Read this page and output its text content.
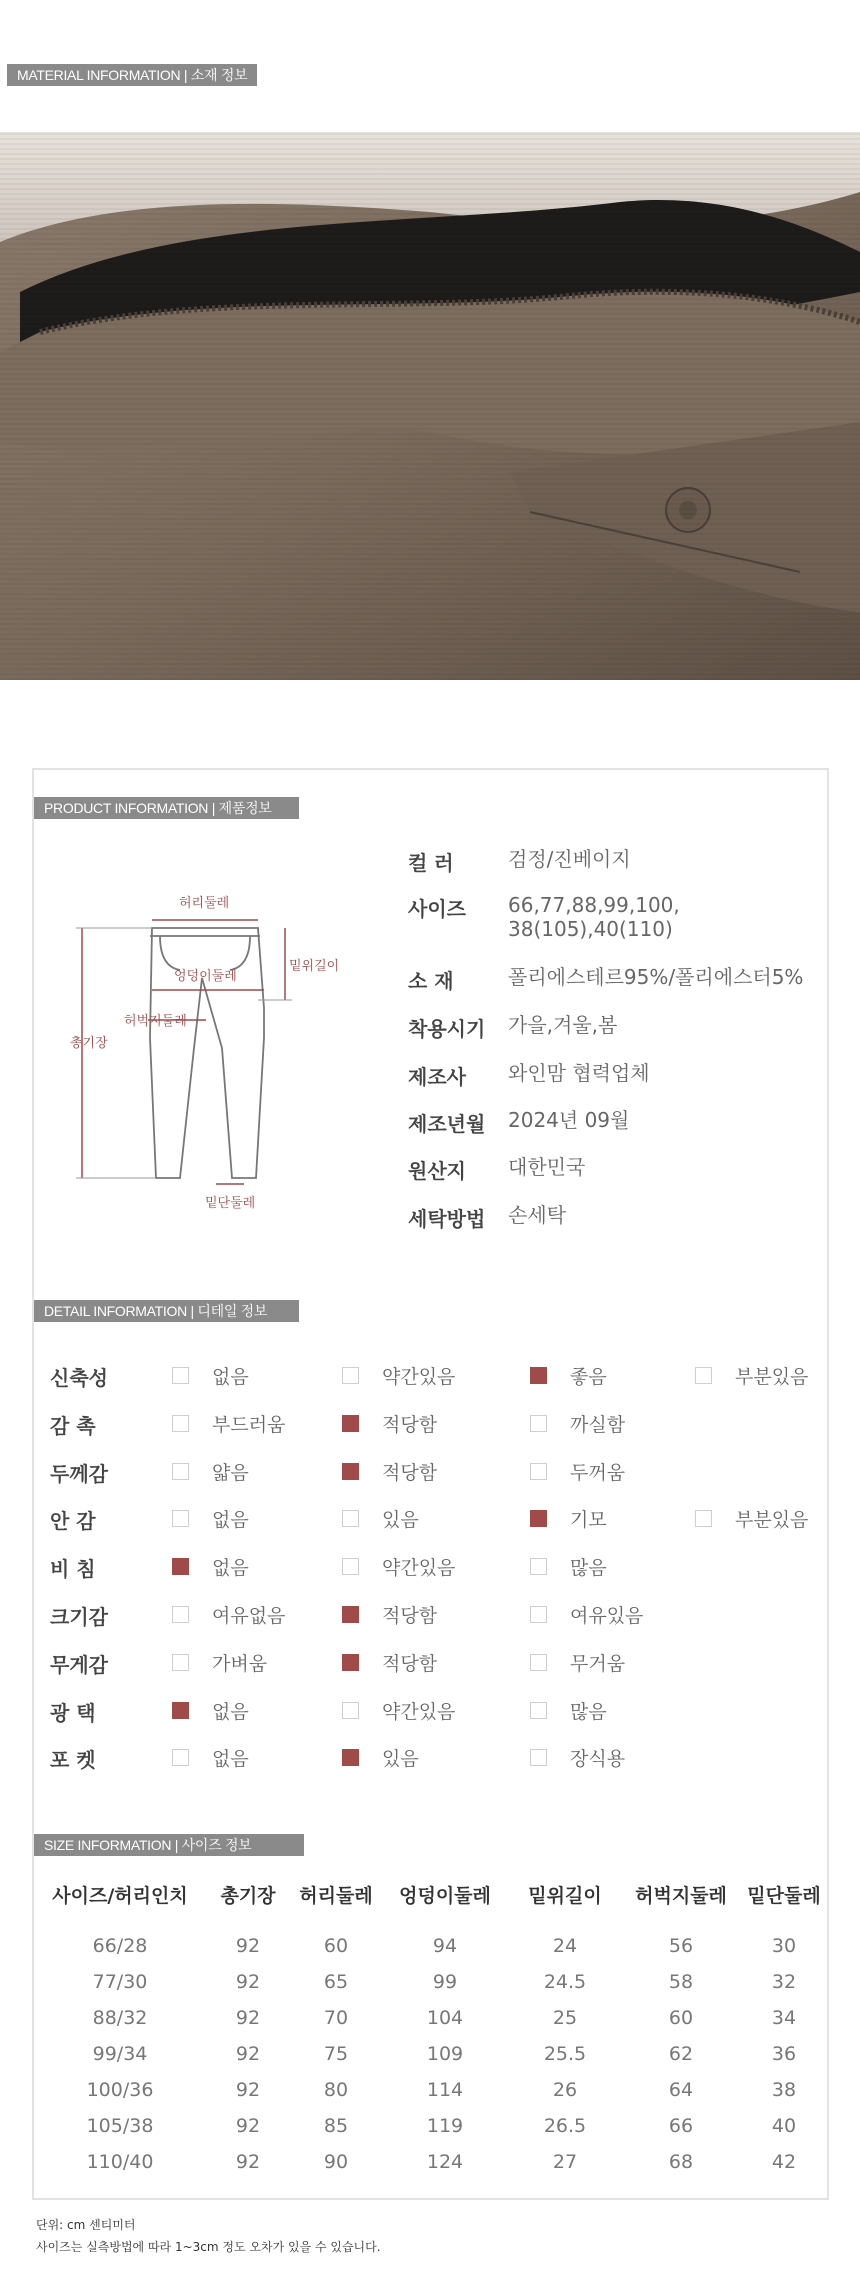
MATERIAL INFORMATION | 소재 정보
PRODUCT INFORMATION | 제품정보
허리둘레
밑위길이
엉덩이둘레
허벅지둘레
총기장
밑단둘레
컬 러	검정/진베이지
사이즈	66,77,88,99,100,
38(105),40(110)
소 재	폴리에스테르95%/폴리에스터5%
착용시기	가을,겨울,봄
제조사	와인맘 협력업체
제조년월	2024년 09월
원산지	대한민국
세탁방법	손세탁
DETAIL INFORMATION | 디테일 정보
신축성	없음	약간있음	좋음	부분있음
감 촉	부드러움	적당함	까실함
두께감	얇음	적당함	두꺼움
안 감	없음	있음	기모	부분있음
비 침	없음	약간있음	많음
크기감	여유없음	적당함	여유있음
무게감	가벼움	적당함	무거움
광 택	없음	약간있음	많음
포 켓	없음	있음	장식용
SIZE INFORMATION | 사이즈 정보
사이즈/허리인치	총기장	허리둘레	엉덩이둘레	밑위길이	허벅지둘레	밑단둘레

66/28	92	60	94	24	56	30
77/30	92	65	99	24.5	58	32
88/32	92	70	104	25	60	34
99/34	92	75	109	25.5	62	36
100/36	92	80	114	26	64	38
105/38	92	85	119	26.5	66	40
110/40	92	90	124	27	68	42
단위: cm 센티미터
사이즈는 실측방법에 따라 1~3cm 정도 오차가 있을 수 있습니다.
